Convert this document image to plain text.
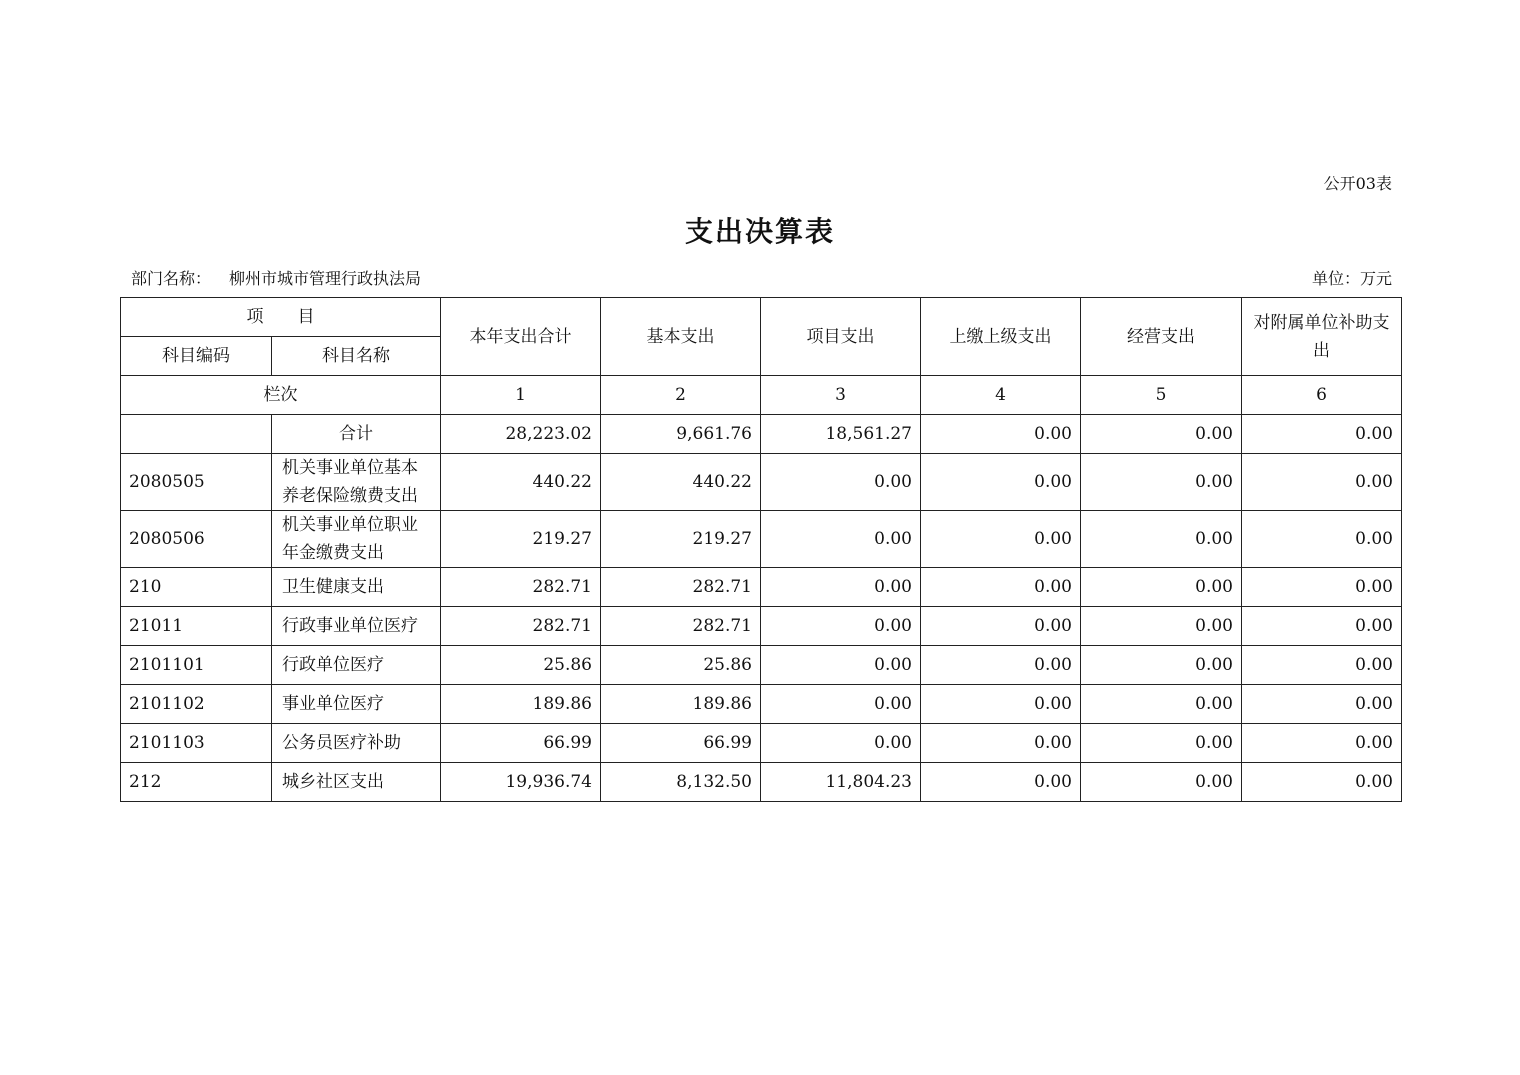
公开03表
支出决算表
部门名称： 柳州市城市管理行政执法局	单位：万元
项　　目		本年支出合计	基本支出	项目支出	上缴上级支出	经营支出	对附属单位补助支出
科目编码	科目名称						
栏次		1	2	3	4	5	6
	合计	28,223.02	9,661.76	18,561.27	0.00	0.00	0.00
2080505	机关事业单位基本养老保险缴费支出	440.22	440.22	0.00	0.00	0.00	0.00
2080506	机关事业单位职业年金缴费支出	219.27	219.27	0.00	0.00	0.00	0.00
210	卫生健康支出	282.71	282.71	0.00	0.00	0.00	0.00
21011	行政事业单位医疗	282.71	282.71	0.00	0.00	0.00	0.00
2101101	行政单位医疗	25.86	25.86	0.00	0.00	0.00	0.00
2101102	事业单位医疗	189.86	189.86	0.00	0.00	0.00	0.00
2101103	公务员医疗补助	66.99	66.99	0.00	0.00	0.00	0.00
212	城乡社区支出	19,936.74	8,132.50	11,804.23	0.00	0.00	0.00
